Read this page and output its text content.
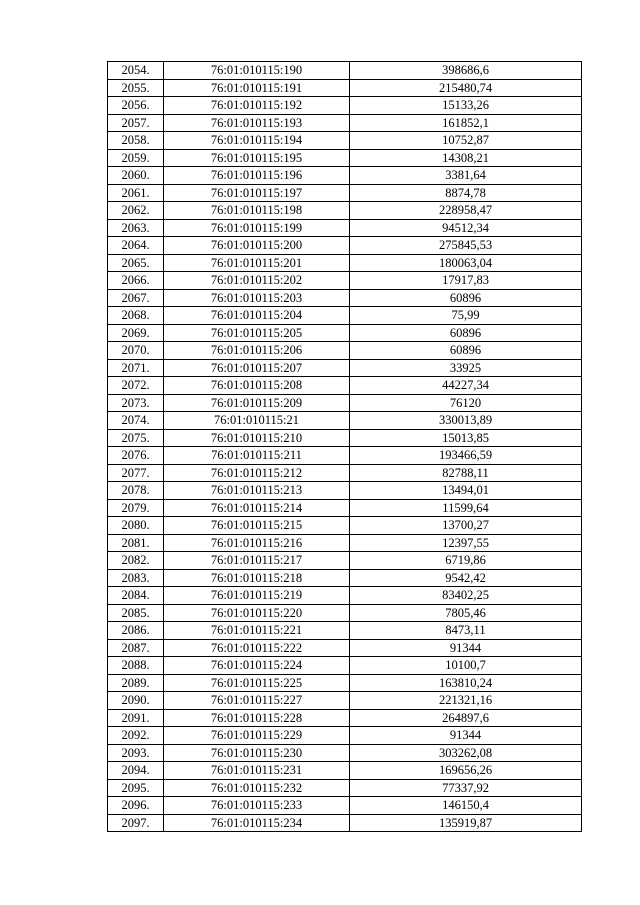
2054.	76:01:010115:190	398686,6
2055.	76:01:010115:191	215480,74
2056.	76:01:010115:192	15133,26
2057.	76:01:010115:193	161852,1
2058.	76:01:010115:194	10752,87
2059.	76:01:010115:195	14308,21
2060.	76:01:010115:196	3381,64
2061.	76:01:010115:197	8874,78
2062.	76:01:010115:198	228958,47
2063.	76:01:010115:199	94512,34
2064.	76:01:010115:200	275845,53
2065.	76:01:010115:201	180063,04
2066.	76:01:010115:202	17917,83
2067.	76:01:010115:203	60896
2068.	76:01:010115:204	75,99
2069.	76:01:010115:205	60896
2070.	76:01:010115:206	60896
2071.	76:01:010115:207	33925
2072.	76:01:010115:208	44227,34
2073.	76:01:010115:209	76120
2074.	76:01:010115:21	330013,89
2075.	76:01:010115:210	15013,85
2076.	76:01:010115:211	193466,59
2077.	76:01:010115:212	82788,11
2078.	76:01:010115:213	13494,01
2079.	76:01:010115:214	11599,64
2080.	76:01:010115:215	13700,27
2081.	76:01:010115:216	12397,55
2082.	76:01:010115:217	6719,86
2083.	76:01:010115:218	9542,42
2084.	76:01:010115:219	83402,25
2085.	76:01:010115:220	7805,46
2086.	76:01:010115:221	8473,11
2087.	76:01:010115:222	91344
2088.	76:01:010115:224	10100,7
2089.	76:01:010115:225	163810,24
2090.	76:01:010115:227	221321,16
2091.	76:01:010115:228	264897,6
2092.	76:01:010115:229	91344
2093.	76:01:010115:230	303262,08
2094.	76:01:010115:231	169656,26
2095.	76:01:010115:232	77337,92
2096.	76:01:010115:233	146150,4
2097.	76:01:010115:234	135919,87
